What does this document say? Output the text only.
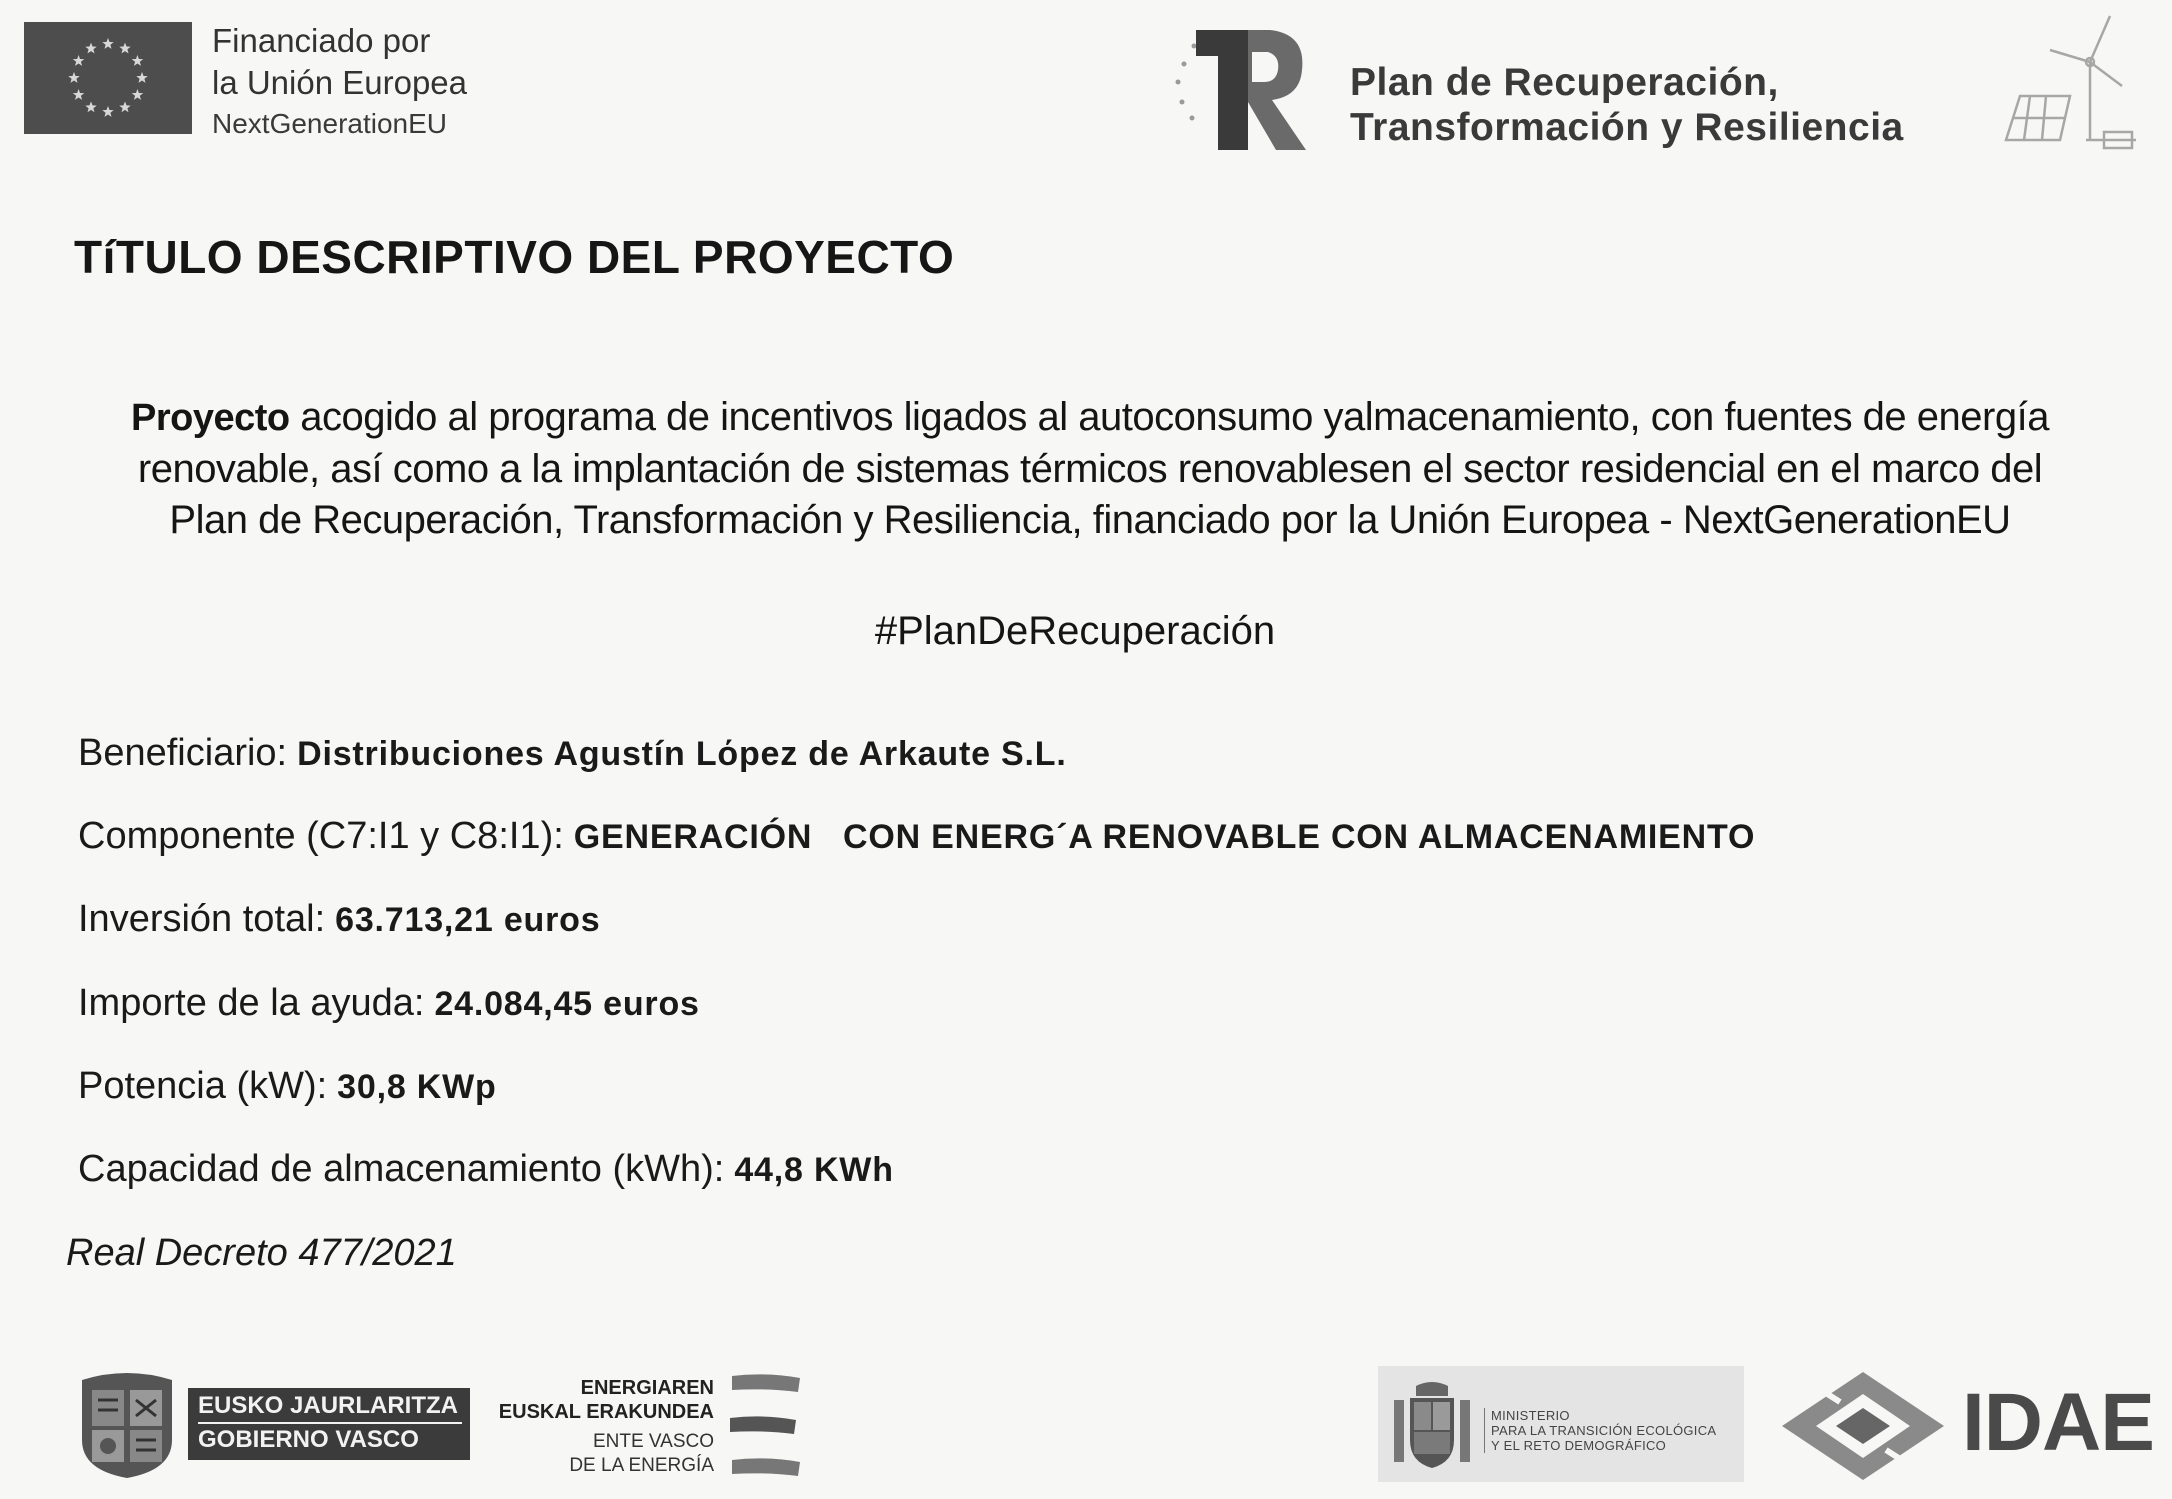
Financiado por
la Unión Europea
NextGenerationEU
Plan de Recuperación,
Transformación y Resiliencia
TíTULO DESCRIPTIVO DEL PROYECTO
Proyecto acogido al programa de incentivos ligados al autoconsumo yalmacenamiento, con fuentes de energía
renovable, así como a la implantación de sistemas térmicos renovablesen el sector residencial en el marco del
Plan de Recuperación, Transformación y Resiliencia, financiado por la Unión Europea - NextGenerationEU
#PlanDeRecuperación
Beneficiario: Distribuciones Agustín Lόpez de Arkaute S.L.
Componente (C7:I1 y C8:I1): GENERACIÓN   CON ENERG´A RENOVABLE CON ALMACENAMIENTO
Inversión total: 63.713,21 euros
Importe de la ayuda: 24.084,45 euros
Potencia (kW): 30,8 KWp
Capacidad de almacenamiento (kWh): 44,8 KWh
Real Decreto 477/2021
EUSKO JAURLARITZA
GOBIERNO VASCO
ENERGIAREN
EUSKAL ERAKUNDEA
ENTE VASCO
DE LA ENERGÍA
MINISTERIO
PARA LA TRANSICIÓN ECOLÓGICA
Y EL RETO DEMOGRÁFICO	IDAE
